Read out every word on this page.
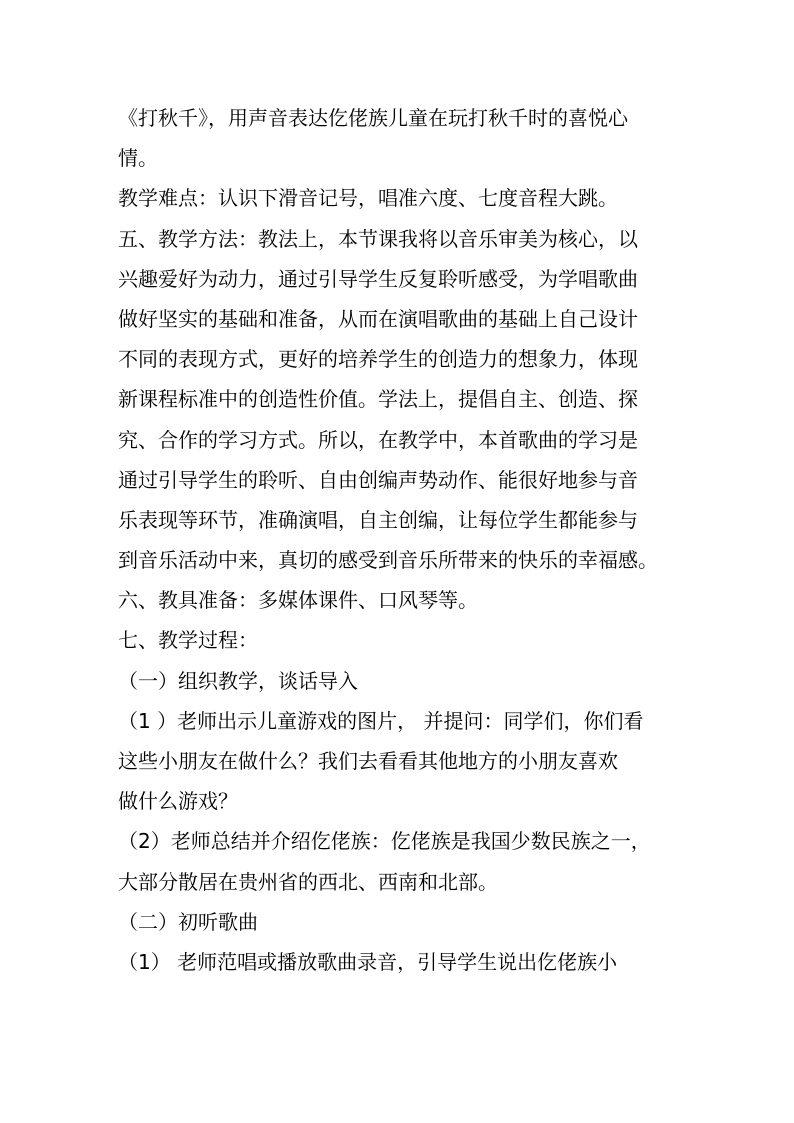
《打秋千》，用声音表达仡佬族儿童在玩打秋千时的喜悦心
情。
教学难点：认识下滑音记号，唱准六度、七度音程大跳。
五、教学方法：教法上，本节课我将以音乐审美为核心，以
兴趣爱好为动力，通过引导学生反复聆听感受，为学唱歌曲
做好坚实的基础和准备，从而在演唱歌曲的基础上自己设计
不同的表现方式，更好的培养学生的创造力的想象力，体现
新课程标准中的创造性价值。学法上，提倡自主、创造、探
究、合作的学习方式。所以，在教学中，本首歌曲的学习是
通过引导学生的聆听、自由创编声势动作、能很好地参与音
乐表现等环节，准确演唱，自主创编，让每位学生都能参与
到音乐活动中来，真切的感受到音乐所带来的快乐的幸福感。
六、教具准备：多媒体课件、口风琴等。
七、教学过程：
（一）组织教学，谈话导入
（1 ）老师出示儿童游戏的图片， 并提问：同学们，你们看
这些小朋友在做什么？我们去看看其他地方的小朋友喜欢
做什么游戏？
（2）老师总结并介绍仡佬族：仡佬族是我国少数民族之一，
大部分散居在贵州省的西北、西南和北部。
（二）初听歌曲
（1） 老师范唱或播放歌曲录音，引导学生说出仡佬族小
